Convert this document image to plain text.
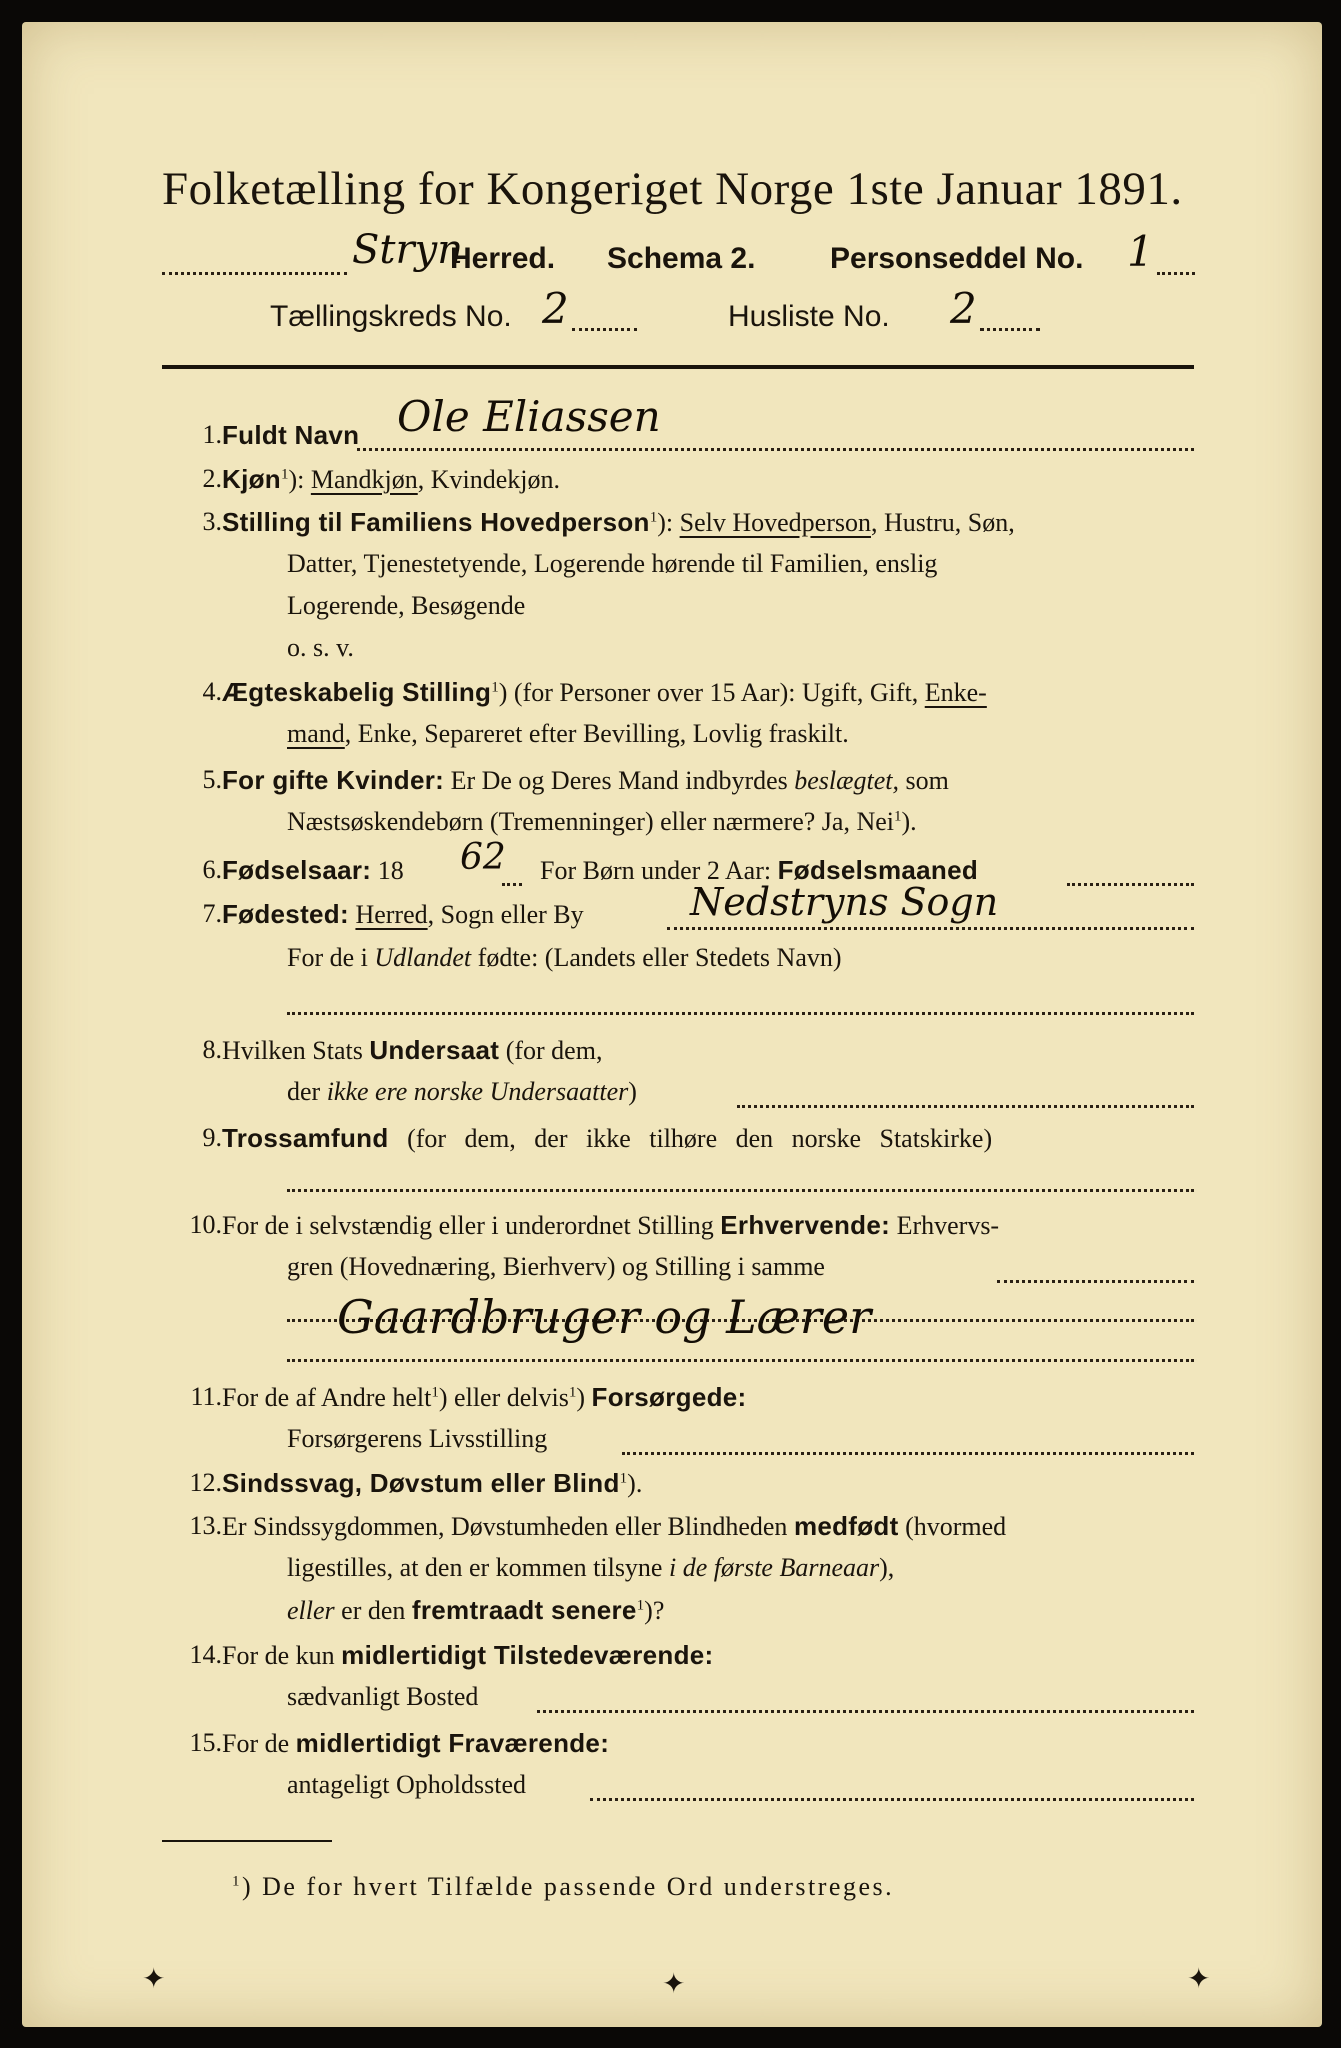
Folketælling for Kongeriget Norge 1ste Januar 1891.
Stryn
Herred. Schema 2. Personseddel No. 1
Tællingskreds No. 2	Husliste No. 2
1. Fuldt Navn Ole Eliassen
2. Kjøn$^1$): Mandkjøn, Kvindekjøn.
3. Stilling til Familiens Hovedperson$^1$): Selv Hovedperson, Hustru, Søn,
Datter, Tjenestetyende, Logerende hørende til Familien, enslig
Logerende, Besøgende
o. s. v.
4. Ægteskabelig Stilling$^1$) (for Personer over 15 Aar): Ugift, Gift, Enke-
mand, Enke, Separeret efter Bevilling, Lovlig fraskilt.
5. For gifte Kvinder: Er De og Deres Mand indbyrdes beslægtet, som
Næstsøskendebørn (Tremenninger) eller nærmere? Ja, Nei$^1$).
6. Fødselsaar: 18 62 For Børn under 2 Aar: Fødselsmaaned
7. Fødested: Herred, Sogn eller By	Nedstryns Sogn
For de i Udlandet fødte: (Landets eller Stedets Navn)
8. Hvilken Stats Undersaat (for dem,
der ikke ere norske Undersaatter)
9. Trossamfund (for dem, der ikke tilhøre den norske Statskirke)
10. For de i selvstændig eller i underordnet Stilling Erhvervende: Erhvervs-
gren (Hovednæring, Bierhverv) og Stilling i samme
Gaardbruger og Lærer
11. For de af Andre helt$^1$) eller delvis$^1$) Forsørgede:
Forsørgerens Livsstilling
12. Sindssvag, Døvstum eller Blind$^1$).
13. Er Sindssygdommen, Døvstumheden eller Blindheden medfødt (hvormed
ligestilles, at den er kommen tilsyne i de første Barneaar),
eller er den fremtraadt senere$^1$)?
14. For de kun midlertidigt Tilstedeværende:
sædvanligt Bosted
15. For de midlertidigt Fraværende:
antageligt Opholdssted
$^1$) De for hvert Tilfælde passende Ord understreges.
✦	✦	✦
